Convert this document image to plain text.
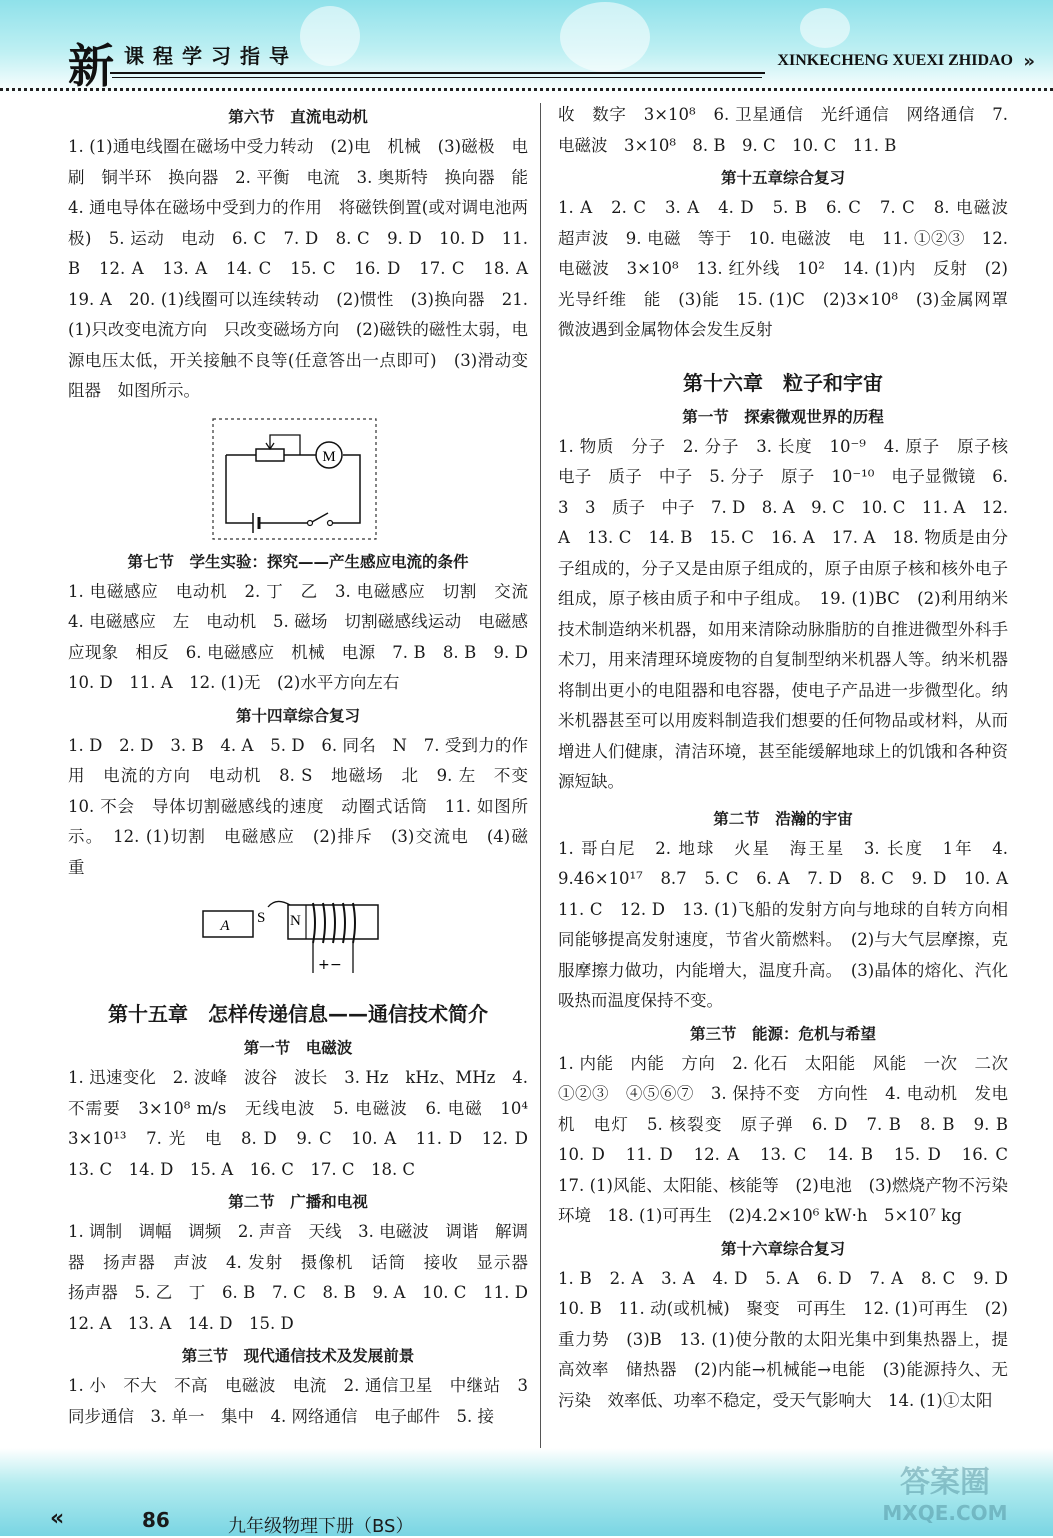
新 课程学习指导	XINKECHENG XUEXI ZHIDAO »
第六节　直流电动机
1. (1)通电线圈在磁场中受力转动　(2)电　机械　(3)磁极　电刷　铜半环　换向器　2. 平衡　电流　3. 奥斯特　换向器　能　4. 通电导体在磁场中受到力的作用　将磁铁倒置(或对调电池两极)　5. 运动　电动　6. C　7. D　8. C　9. D　10. D　11. B　12. A　13. A　14. C　15. C　16. D　17. C　18. A　19. A　20. (1)线圈可以连续转动　(2)惯性　(3)换向器　21. (1)只改变电流方向　只改变磁场方向　(2)磁铁的磁性太弱，电源电压太低，开关接触不良等(任意答出一点即可)　(3)滑动变阻器　如图所示。
M
第七节　学生实验：探究——产生感应电流的条件
1. 电磁感应　电动机　2. 丁　乙　3. 电磁感应　切割　交流　4. 电磁感应　左　电动机　5. 磁场　切割磁感线运动　电磁感应现象　相反　6. 电磁感应　机械　电源　7. B　8. B　9. D　10. D　11. A　12. (1)无　(2)水平方向左右
第十四章综合复习
1. D　2. D　3. B　4. A　5. D　6. 同名　N　7. 受到力的作用　电流的方向　电动机　8. S　地磁场　北　9. 左　不变　10. 不会　导体切割磁感线的速度　动圈式话筒　11. 如图所示。　12. (1)切割　电磁感应　(2)排斥　(3)交流电　(4)磁　重
A S N
+ −
第十五章　怎样传递信息——通信技术简介
第一节　电磁波
1. 迅速变化　2. 波峰　波谷　波长　3. Hz　kHz、MHz　4. 不需要　3×10⁸ m/s　无线电波　5. 电磁波　6. 电磁　10⁴　3×10¹³　7. 光　电　8. D　9. C　10. A　11. D　12. D　13. C　14. D　15. A　16. C　17. C　18. C
第二节　广播和电视
1. 调制　调幅　调频　2. 声音　天线　3. 电磁波　调谐　解调器　扬声器　声波　4. 发射　摄像机　话筒　接收　显示器　扬声器　5. 乙　丁　6. B　7. C　8. B　9. A　10. C　11. D　12. A　13. A　14. D　15. D
第三节　现代通信技术及发展前景
1. 小　不大　不高　电磁波　电流　2. 通信卫星　中继站　3　同步通信　3. 单一　集中　4. 网络通信　电子邮件　5. 接
收　数字　3×10⁸　6. 卫星通信　光纤通信　网络通信　7. 电磁波　3×10⁸　8. B　9. C　10. C　11. B
第十五章综合复习
1. A　2. C　3. A　4. D　5. B　6. C　7. C　8. 电磁波　超声波　9. 电磁　等于　10. 电磁波　电　11. ①②③　12. 电磁波　3×10⁸　13. 红外线　10²　14. (1)内　反射　(2)光导纤维　能　(3)能　15. (1)C　(2)3×10⁸　(3)金属网罩　微波遇到金属物体会发生反射
第十六章　粒子和宇宙
第一节　探索微观世界的历程
1. 物质　分子　2. 分子　3. 长度　10⁻⁹　4. 原子　原子核　电子　质子　中子　5. 分子　原子　10⁻¹⁰　电子显微镜　6. 3　3　质子　中子　7. D　8. A　9. C　10. C　11. A　12. A　13. C　14. B　15. C　16. A　17. A　18. 物质是由分子组成的，分子又是由原子组成的，原子由原子核和核外电子组成，原子核由质子和中子组成。　19. (1)BC　(2)利用纳米技术制造纳米机器，如用来清除动脉脂肪的自推进微型外科手术刀，用来清理环境废物的自复制型纳米机器人等。纳米机器将制出更小的电阻器和电容器，使电子产品进一步微型化。纳米机器甚至可以用废料制造我们想要的任何物品或材料，从而增进人们健康，清洁环境，甚至能缓解地球上的饥饿和各种资源短缺。
第二节　浩瀚的宇宙
1. 哥白尼　2. 地球　火星　海王星　3. 长度　1年　4. 9.46×10¹⁷　8.7　5. C　6. A　7. D　8. C　9. D　10. A　11. C　12. D　13. (1)飞船的发射方向与地球的自转方向相同能够提高发射速度，节省火箭燃料。　(2)与大气层摩擦，克服摩擦力做功，内能增大，温度升高。　(3)晶体的熔化、汽化吸热而温度保持不变。
第三节　能源：危机与希望
1. 内能　内能　方向　2. 化石　太阳能　风能　一次　二次　①②③　④⑤⑥⑦　3. 保持不变　方向性　4. 电动机　发电机　电灯　5. 核裂变　原子弹　6. D　7. B　8. B　9. B　10. D　11. D　12. A　13. C　14. B　15. D　16. C　17. (1)风能、太阳能、核能等　(2)电池　(3)燃烧产物不污染环境　18. (1)可再生　(2)4.2×10⁶ kW·h　5×10⁷ kg
第十六章综合复习
1. B　2. A　3. A　4. D　5. A　6. D　7. A　8. C　9. D　10. B　11. 动(或机械)　聚变　可再生　12. (1)可再生　(2)重力势　(3)B　13. (1)使分散的太阳光集中到集热器上，提高效率　储热器　(2)内能→机械能→电能　(3)能源持久、无污染　效率低、功率不稳定，受天气影响大　14. (1)①太阳
«	86	九年级物理下册（BS）
答案圈
MXQE.COM
